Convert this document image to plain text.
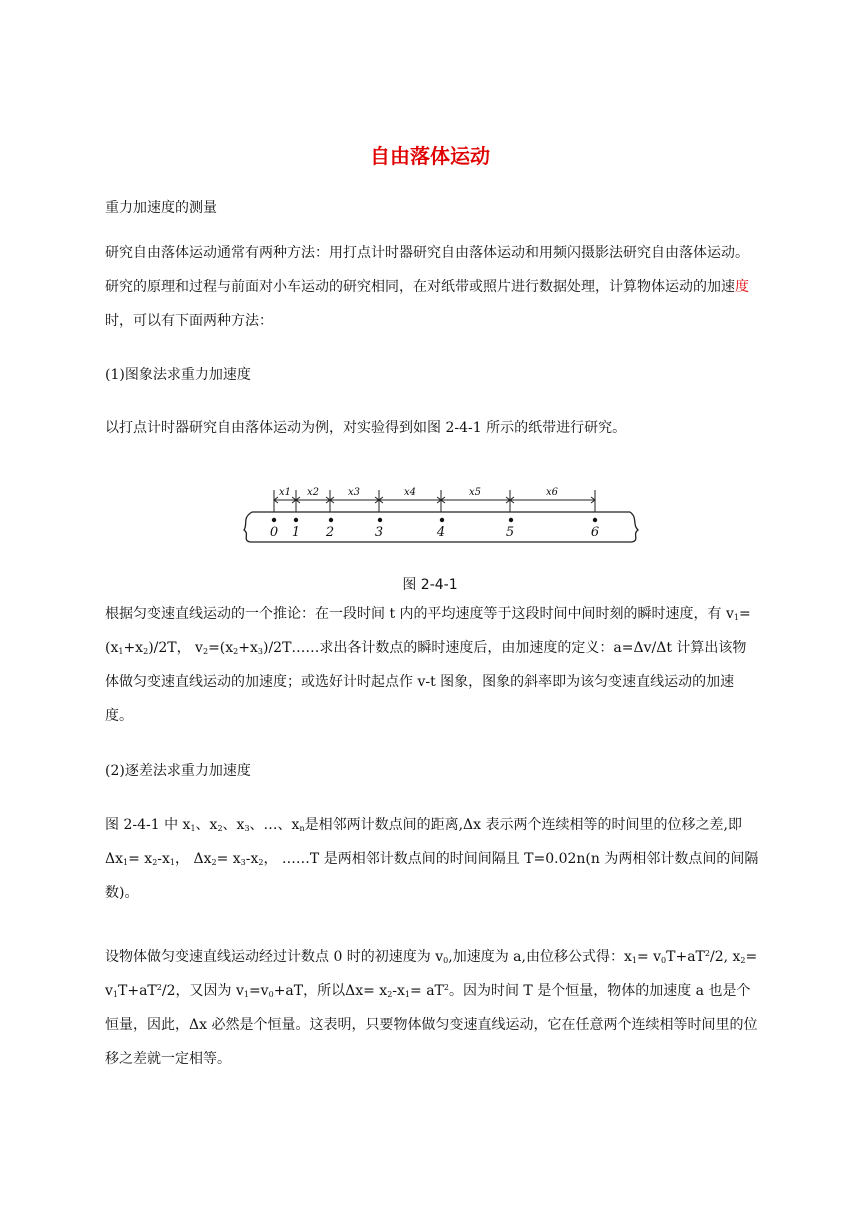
自由落体运动
重力加速度的测量
研究自由落体运动通常有两种方法：用打点计时器研究自由落体运动和用频闪摄影法研究自由落体运动。研究的原理和过程与前面对小车运动的研究相同，在对纸带或照片进行数据处理，计算物体运动的加速度时，可以有下面两种方法：
(1)图象法求重力加速度
以打点计时器研究自由落体运动为例，对实验得到如图 2-4-1 所示的纸带进行研究。
x1 x2	x3	x4	x5	x6
0 1 2	3	4	5	6
图 2-4-1
根据匀变速直线运动的一个推论：在一段时间 t 内的平均速度等于这段时间中间时刻的瞬时速度，有 $v_1=(x_1+x_2)/2T$， $v_2=(x_2+x_3)/2T\dots\dots$求出各计数点的瞬时速度后，由加速度的定义：a=Δv/Δt 计算出该物体做匀变速直线运动的加速度；或选好计时起点作 v-t 图象，图象的斜率即为该匀变速直线运动的加速度。
(2)逐差法求重力加速度
图 2-4-1 中 $x_1$、$x_2$、$x_3$、…、$x_n$是相邻两计数点间的距离,Δx 表示两个连续相等的时间里的位移之差,即$\Delta x_1= x_2-x_1$， $\Delta x_2= x_3-x_2$， ……T 是两相邻计数点间的时间间隔且 T=0.02n(n 为两相邻计数点间的间隔数)。
设物体做匀变速直线运动经过计数点 0 时的初速度为 $v_0$,加速度为 a,由位移公式得：$x_1= v_0T+aT^2/2$, $x_2= v_1T+aT^2/2$，又因为 $v_1=v_0+aT$，所以$\Delta x= x_2-x_1= aT^2$。因为时间 T 是个恒量，物体的加速度 a 也是个恒量，因此，Δx 必然是个恒量。这表明，只要物体做匀变速直线运动，它在任意两个连续相等时间里的位移之差就一定相等。
